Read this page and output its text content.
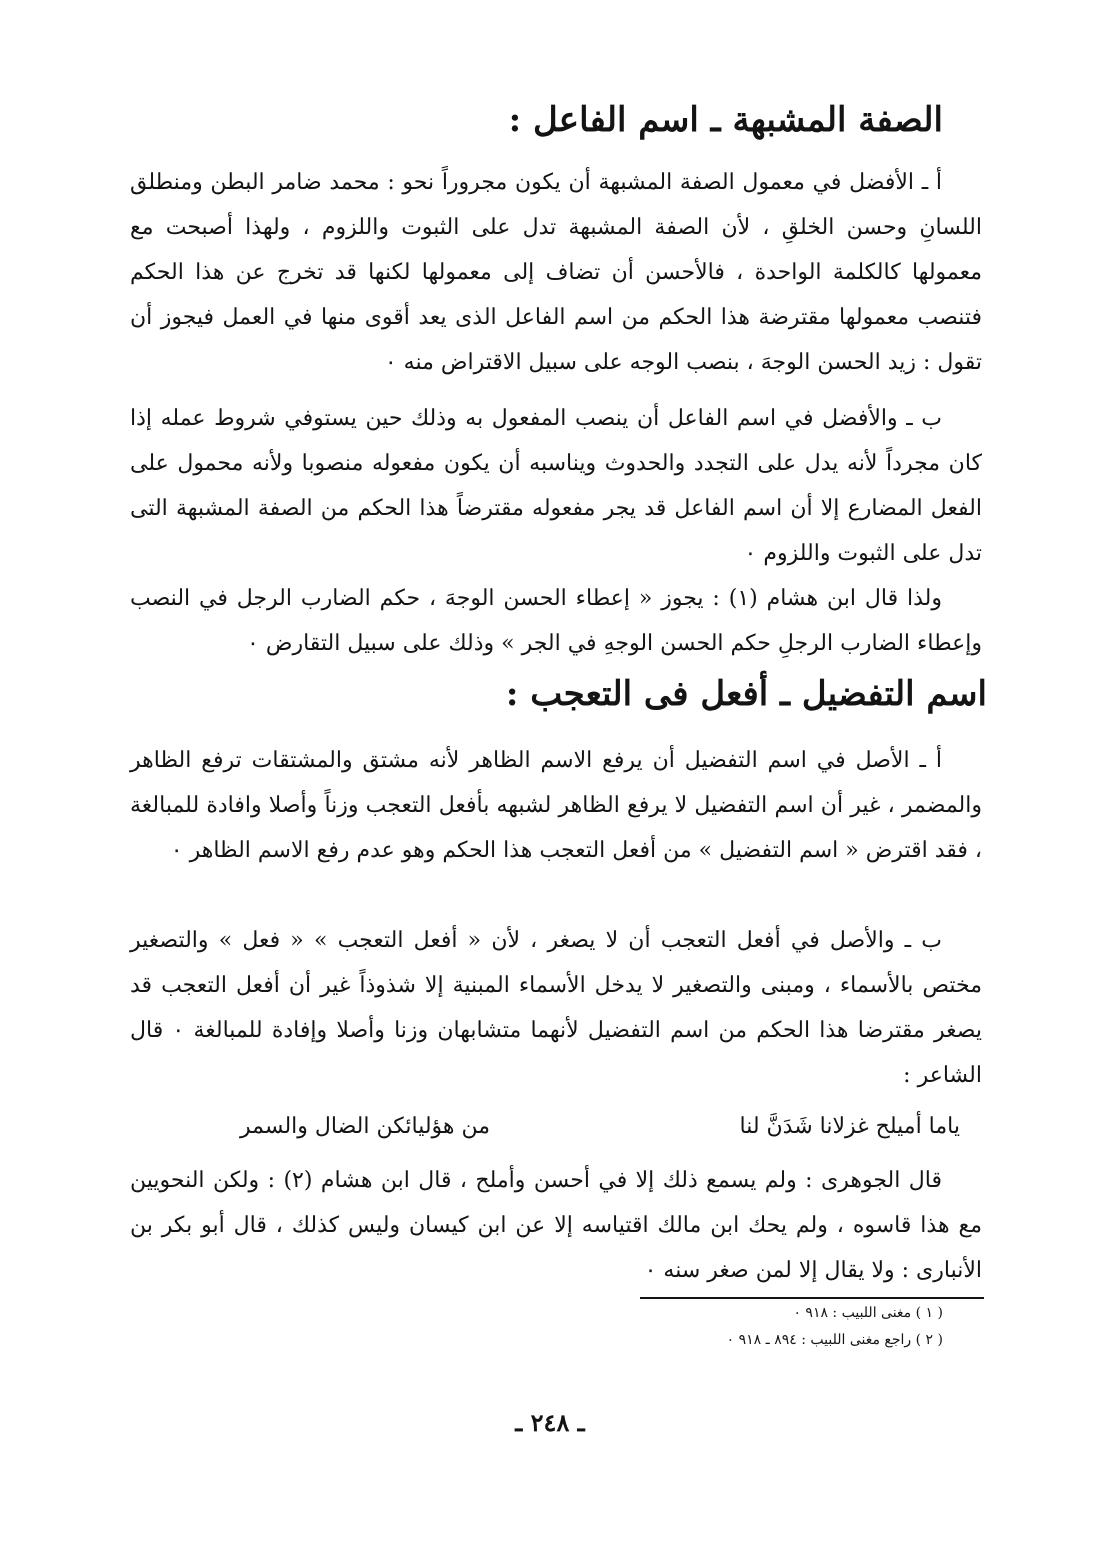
الصفة المشبهة ـ اسم الفاعل :

أ ـ الأفضل في معمول الصفة المشبهة أن يكون مجروراً نحو : محمد ضامر البطن ومنطلق اللسانِ وحسن الخلقِ ، لأن الصفة المشبهة تدل على الثبوت واللزوم ، ولهذا أصبحت مع معمولها كالكلمة الواحدة ، فالأحسن أن تضاف إلى معمولها لكنها قد تخرج عن هذا الحكم فتنصب معمولها مقترضة هذا الحكم من اسم الفاعل الذى يعد أقوى منها في العمل فيجوز أن تقول : زيد الحسن الوجهَ ، بنصب الوجه على سبيل الاقتراض منه ٠

ب ـ والأفضل في اسم الفاعل أن ينصب المفعول به وذلك حين يستوفي شروط عمله إذا كان مجرداً لأنه يدل على التجدد والحدوث ويناسبه أن يكون مفعوله منصوبا ولأنه محمول على الفعل المضارع إلا أن اسم الفاعل قد يجر مفعوله مقترضاً هذا الحكم من الصفة المشبهة التى تدل على الثبوت واللزوم ٠

ولذا قال ابن هشام (١) : يجوز « إعطاء الحسن الوجهَ ، حكم الضارب الرجل في النصب وإعطاء الضارب الرجلِ حكم الحسن الوجهِ في الجر » وذلك على سبيل التقارض ٠

اسم التفضيل ـ أفعل فى التعجب :

أ ـ الأصل في اسم التفضيل أن يرفع الاسم الظاهر لأنه مشتق والمشتقات ترفع الظاهر والمضمر ، غير أن اسم التفضيل لا يرفع الظاهر لشبهه بأفعل التعجب وزناً وأصلا وافادة للمبالغة ، فقد اقترض « اسم التفضيل » من أفعل التعجب هذا الحكم وهو عدم رفع الاسم الظاهر ٠

ب ـ والأصل في أفعل التعجب أن لا يصغر ، لأن « أفعل التعجب » « فعل » والتصغير مختص بالأسماء ، ومبنى والتصغير لا يدخل الأسماء المبنية إلا شذوذاً غير أن أفعل التعجب قد يصغر مقترضا هذا الحكم من اسم التفضيل لأنهما متشابهان وزنا وأصلا وإفادة للمبالغة ٠ قال الشاعر :

ياما أميلح غزلانا شَدَنَّ لنا
من هؤليائكن الضال والسمر

قال الجوهرى : ولم يسمع ذلك إلا في أحسن وأملح ، قال ابن هشام (٢) : ولكن النحويين مع هذا قاسوه ، ولم يحك ابن مالك اقتياسه إلا عن ابن كيسان وليس كذلك ، قال أبو بكر بن الأنبارى : ولا يقال إلا لمن صغر سنه ٠

( ١ ) مغنى اللبيب : ٩١٨ ٠
( ٢ ) راجع مغنى اللبيب : ٨٩٤ ـ ٩١٨ ٠
ـ ٢٤٨ ـ
